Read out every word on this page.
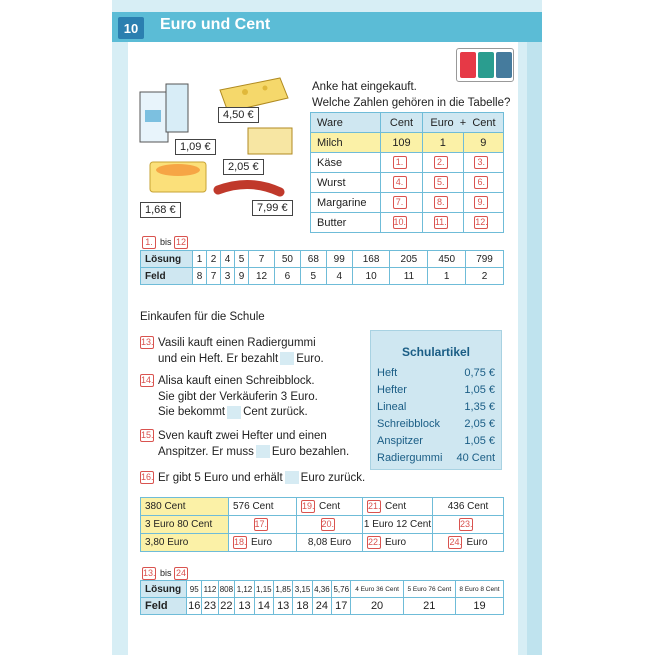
10	Euro und Cent
4,50 €
1,09 €
2,05 €
1,68 €	7,99 €
Anke hat eingekauft.
Welche Zahlen gehören in die Tabelle?
Ware	Cent	Euro + Cent	
Milch	109	1	9
Käse	1.	2.	3.
Wurst	4.	5.	6.
Margarine	7.	8.	9.
Butter	10.	11.	12.
1. bis 12
Lösung	1	2	4	5	7	50	68	99	168	205	450	799
Feld	8	7	3	9	12	6	5	4	10	11	1	2
Einkaufen für die Schule
13. Vasili kauft einen Radiergummi
und ein Heft. Er bezahlt Euro.
14. Alisa kauft einen Schreibblock.
Sie gibt der Verkäuferin 3 Euro.
Sie bekommt Cent zurück.
15. Sven kauft zwei Hefter und einen
Anspitzer. Er muss Euro bezahlen.
16. Er gibt 5 Euro und erhält Euro zurück.
Schulartikel
Heft	0,75 €
Hefter	1,05 €
Lineal	1,35 €
Schreibblock 2,05 €
Anspitzer	1,05 €
Radiergummi 40 Cent
380 Cent	576 Cent	19. Cent	21. Cent	436 Cent
3 Euro 80 Cent	17.	20.	1 Euro 12 Cent	23.
3,80 Euro	18. Euro	8,08 Euro	22. Euro	24. Euro
13. bis 24
Lösung	95	112	808	1,12	1,15	1,85	3,15	4,36	5,76	4 Euro 36 Cent	5 Euro 76 Cent	8 Euro 8 Cent
Feld	16	23	22	13	14	13	18	24	17	20	21	19
